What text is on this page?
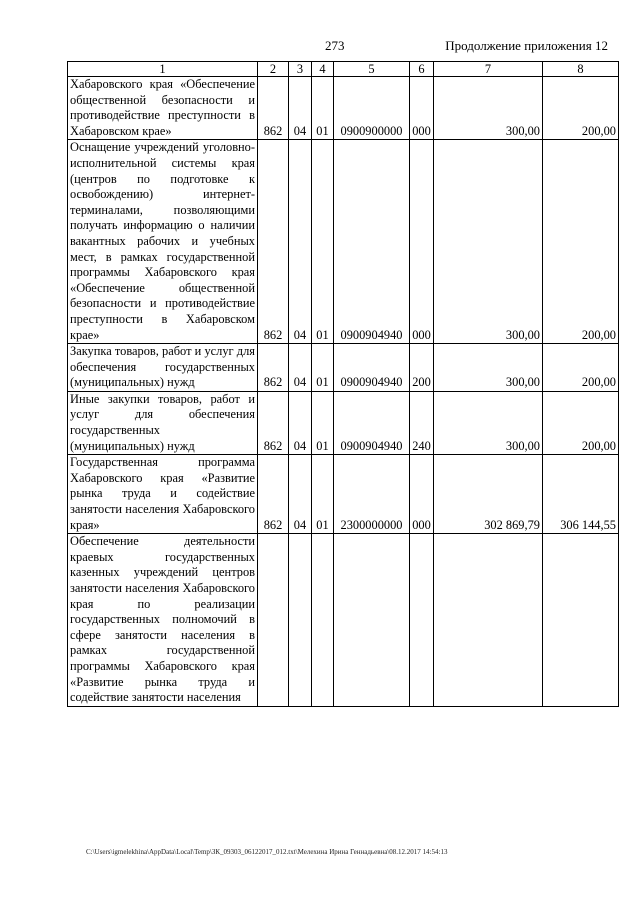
273	Продолжение приложения 12
1	2	3	4	5	6	7	8
Хабаровского края «Обеспечение общественной безопасности и противодействие преступности в Хабаровском крае»	862	04	01	0900900000	000	300,00	200,00
Оснащение учреждений уголовно-исполнительной системы края (центров по подготовке к освобождению) интернет-терминалами, позволяющими получать информацию о наличии вакантных рабочих и учебных мест, в рамках государственной программы Хабаровского края «Обеспечение общественной безопасности и противодействие преступности в Хабаровском крае»	862	04	01	0900904940	000	300,00	200,00
Закупка товаров, работ и услуг для обеспечения государственных (муниципальных) нужд	862	04	01	0900904940	200	300,00	200,00
Иные закупки товаров, работ и услуг для обеспечения государственных (муниципальных) нужд	862	04	01	0900904940	240	300,00	200,00
Государственная программа Хабаровского края «Развитие рынка труда и содействие занятости населения Хабаровского края»	862	04	01	2300000000	000	302 869,79	306 144,55
Обеспечение деятельности краевых государственных казенных учреждений центров занятости населения Хабаровского края по реализации государственных полномочий в сфере занятости населения в рамках государственной программы Хабаровского края «Развитие рынка труда и содействие занятости населения							
C:\Users\igmelekhina\AppData\Local\Temp\ЗК_09303_06122017_012.txt\Мелехина Ирина Геннадьевна\08.12.2017 14:54:13
